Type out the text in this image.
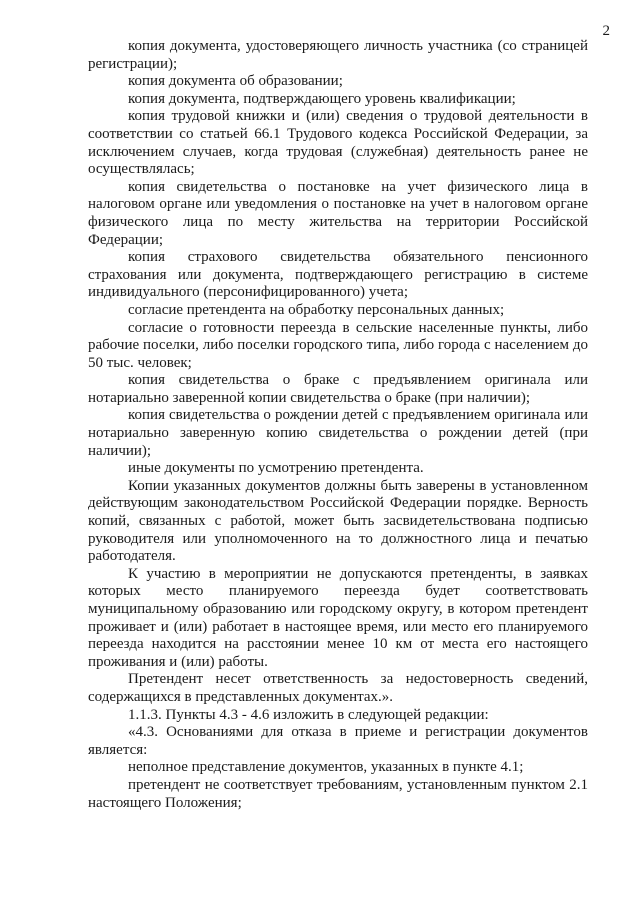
2

копия документа, удостоверяющего личность участника (со страницей регистрации);

копия документа об образовании;

копия документа, подтверждающего уровень квалификации;

копия трудовой книжки и (или) сведения о трудовой деятельности в соответствии со статьей 66.1 Трудового кодекса Российской Федерации, за исключением случаев, когда трудовая (служебная) деятельность ранее не осуществлялась;

копия свидетельства о постановке на учет физического лица в налоговом органе или уведомления о постановке на учет в налоговом органе физического лица по месту жительства на территории Российской Федерации;

копия страхового свидетельства обязательного пенсионного страхования или документа, подтверждающего регистрацию в системе индивидуального (персонифицированного) учета;

согласие претендента на обработку персональных данных;

согласие о готовности переезда в сельские населенные пункты, либо рабочие поселки, либо поселки городского типа, либо города с населением до 50 тыс. человек;

копия свидетельства о браке с предъявлением оригинала или нотариально заверенной копии свидетельства о браке (при наличии);

копия свидетельства о рождении детей с предъявлением оригинала или нотариально заверенную копию свидетельства о рождении детей (при наличии);

иные документы по усмотрению претендента.

Копии указанных документов должны быть заверены в установленном действующим законодательством Российской Федерации порядке. Верность копий, связанных с работой, может быть засвидетельствована подписью руководителя или уполномоченного на то должностного лица и печатью работодателя.

К участию в мероприятии не допускаются претенденты, в заявках которых место планируемого переезда будет соответствовать муниципальному образованию или городскому округу, в котором претендент проживает и (или) работает в настоящее время, или место его планируемого переезда находится на расстоянии менее 10 км от места его настоящего проживания и (или) работы.

Претендент несет ответственность за недостоверность сведений, содержащихся в представленных документах.».

1.1.3. Пункты 4.3 - 4.6 изложить в следующей редакции:

«4.3. Основаниями для отказа в приеме и регистрации документов является:

неполное представление документов, указанных в пункте 4.1;

претендент не соответствует требованиям, установленным пунктом 2.1 настоящего Положения;
